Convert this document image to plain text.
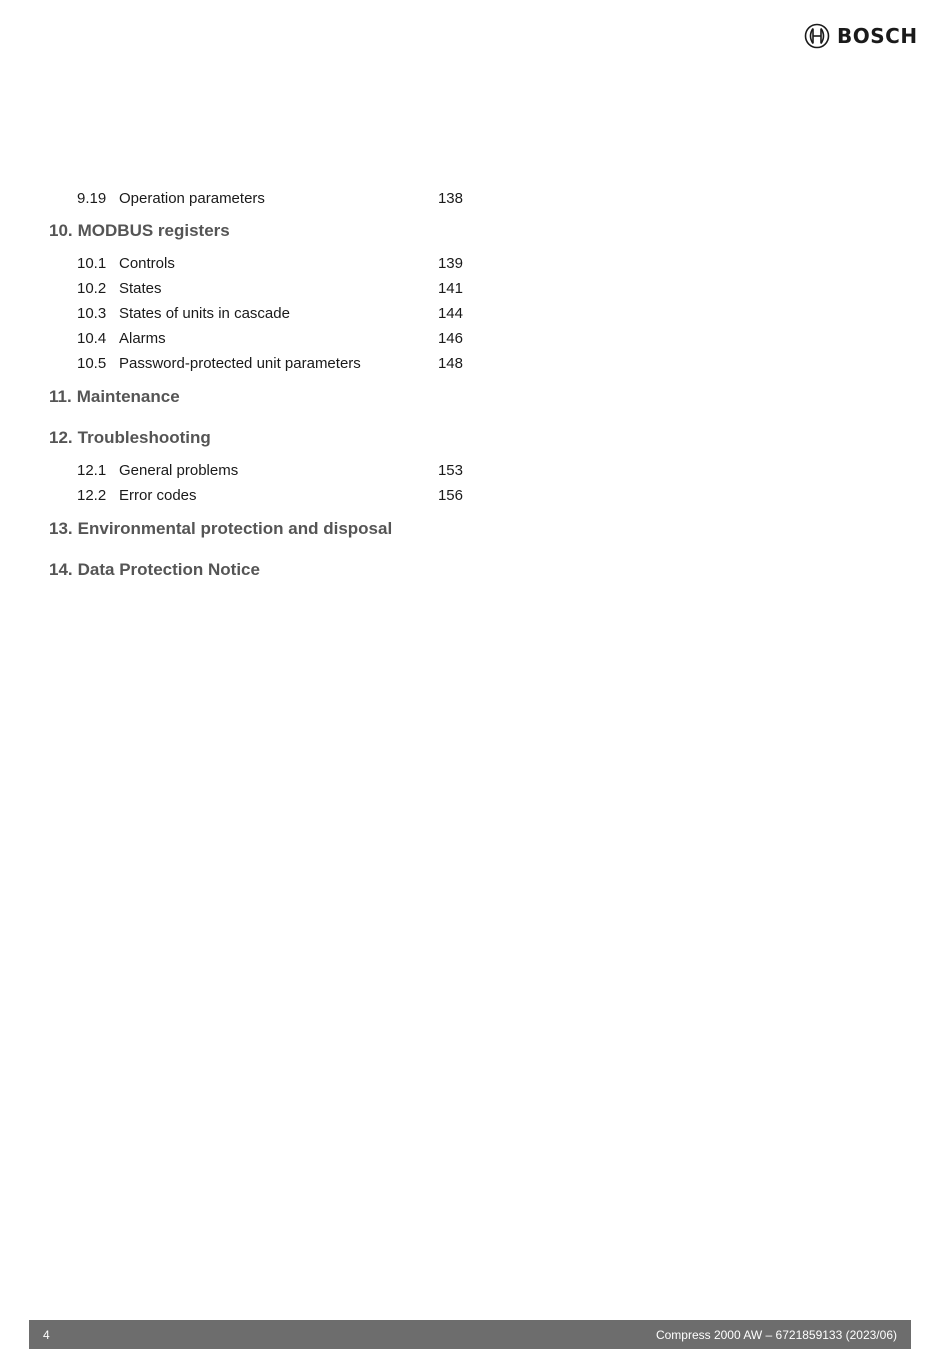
BOSCH
9.19 Operation parameters	138
10. MODBUS registers
10.1 Controls	139
10.2 States	141
10.3 States of units in cascade	144
10.4 Alarms	146
10.5 Password-protected unit parameters	148
11. Maintenance
12. Troubleshooting
12.1 General problems	153
12.2 Error codes	156
13. Environmental protection and disposal
14. Data Protection Notice
4	Compress 2000 AW – 6721859133 (2023/06)
